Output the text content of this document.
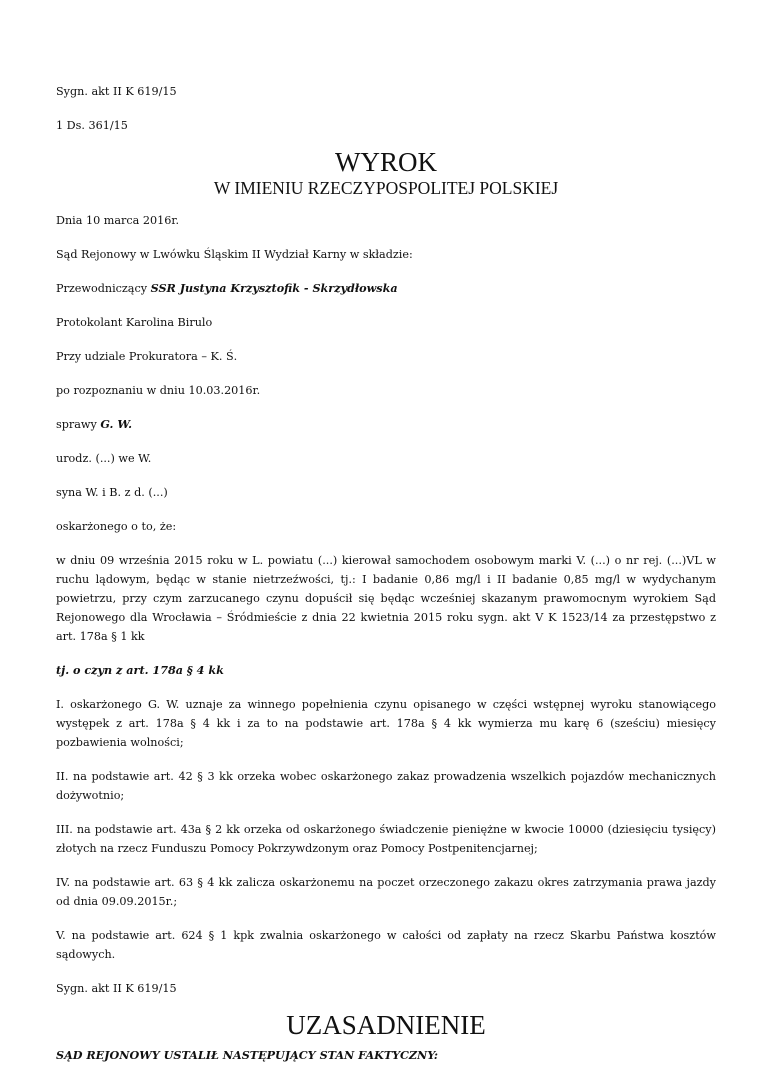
Sygn. akt II K 619/15

1 Ds. 361/15

WYROK
W IMIENIU RZECZYPOSPOLITEJ POLSKIEJ

Dnia 10 marca 2016r.

Sąd Rejonowy w Lwówku Śląskim II Wydział Karny w składzie:

Przewodniczący SSR Justyna Krzysztofik - Skrzydłowska

Protokolant Karolina Birulo

Przy udziale Prokuratora – K. Ś.

po rozpoznaniu w dniu 10.03.2016r.

sprawy G. W.

urodz. (...) we W.

syna W. i B. z d. (...)

oskarżonego o to, że:

w dniu 09 września 2015 roku w L. powiatu (...) kierował samochodem osobowym marki V. (...) o nr rej. (...)VL w ruchu lądowym, będąc w stanie nietrzeźwości, tj.: I badanie 0,86 mg/l i II badanie 0,85 mg/l w wydychanym powietrzu, przy czym zarzucanego czynu dopuścił się będąc wcześniej skazanym prawomocnym wyrokiem Sąd Rejonowego dla Wrocławia – Śródmieście z dnia 22 kwietnia 2015 roku sygn. akt V K 1523/14 za przestępstwo z art. 178a § 1 kk

tj. o czyn z art. 178a § 4 kk

I. oskarżonego G. W. uznaje za winnego popełnienia czynu opisanego w części wstępnej wyroku stanowiącego występek z art. 178a § 4 kk i za to na podstawie art. 178a § 4 kk wymierza mu karę 6 (sześciu) miesięcy pozbawienia wolności;

II. na podstawie art. 42 § 3 kk orzeka wobec oskarżonego zakaz prowadzenia wszelkich pojazdów mechanicznych dożywotnio;

III. na podstawie art. 43a § 2 kk orzeka od oskarżonego świadczenie pieniężne w kwocie 10000 (dziesięciu tysięcy) złotych na rzecz Funduszu Pomocy Pokrzywdzonym oraz Pomocy Postpenitencjarnej;

IV. na podstawie art. 63 § 4 kk zalicza oskarżonemu na poczet orzeczonego zakazu okres zatrzymania prawa jazdy od dnia 09.09.2015r.;

V. na podstawie art. 624 § 1 kpk zwalnia oskarżonego w całości od zapłaty na rzecz Skarbu Państwa kosztów sądowych.

Sygn. akt II K 619/15

UZASADNIENIE

SĄD REJONOWY USTALIŁ NASTĘPUJĄCY STAN FAKTYCZNY:
